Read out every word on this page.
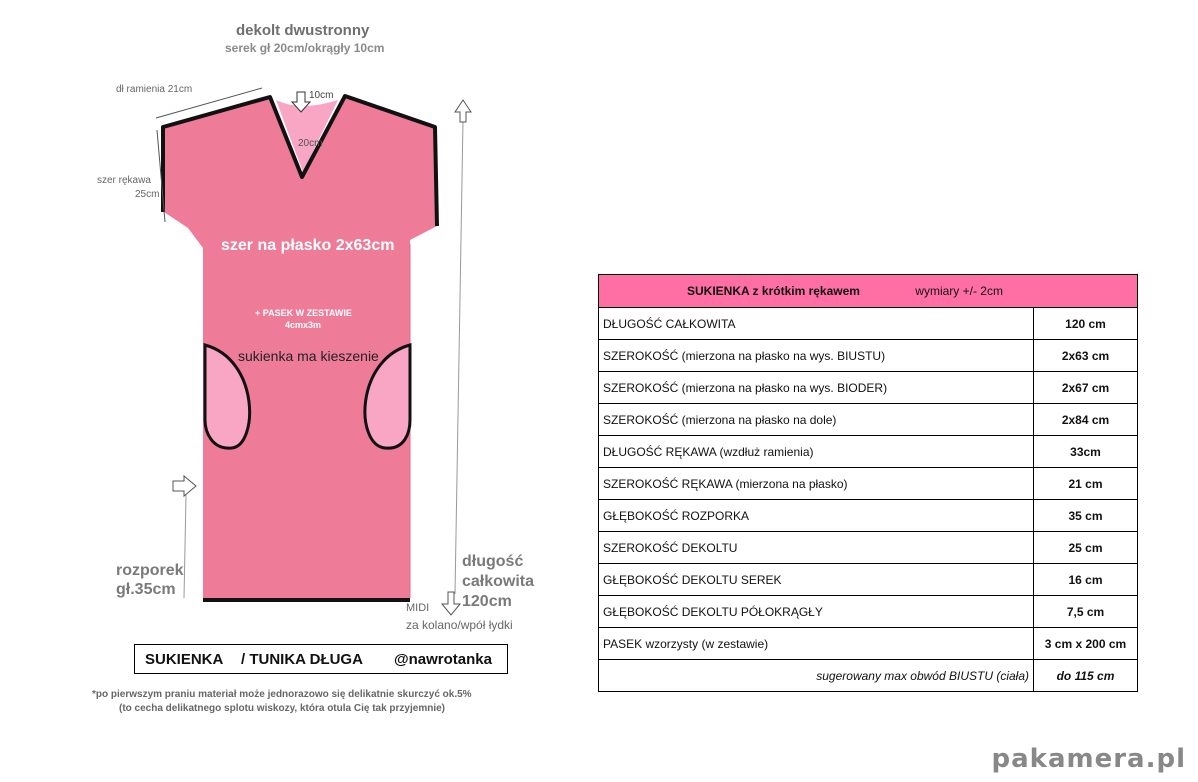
dekolt dwustronny
serek gł 20cm/okrągły 10cm
dł ramienia 21cm
szer rękawa
25cm
10cm
20cm
szer na płasko 2x63cm
+ PASEK W ZESTAWIE
4cmx3m
sukienka ma kieszenie
rozporek
gł.35cm
długość
całkowita
120cm
MIDI
za kolano/wpół łydki
SUKIENKA / TUNIKA DŁUGA @nawrotanka
*po pierwszym praniu materiał może jednorazowo się delikatnie skurczyć ok.5%
(to cecha delikatnego splotu wiskozy, która otula Cię tak przyjemnie)
SUKIENKA z krótkim rękawem wymiary +/- 2cm	
DŁUGOŚĆ CAŁKOWITA	120 cm
SZEROKOŚĆ (mierzona na płasko na wys. BIUSTU)	2x63 cm
SZEROKOŚĆ (mierzona na płasko na wys. BIODER)	2x67 cm
SZEROKOŚĆ (mierzona na płasko na dole)	2x84 cm
DŁUGOŚĆ RĘKAWA (wzdłuż ramienia)	33cm
SZEROKOŚĆ RĘKAWA (mierzona na płasko)	21 cm
GŁĘBOKOŚĆ ROZPORKA	35 cm
SZEROKOŚĆ DEKOLTU	25 cm
GŁĘBOKOŚĆ DEKOLTU SEREK	16 cm
GŁĘBOKOŚĆ DEKOLTU PÓŁOKRĄGŁY	7,5 cm
PASEK wzorzysty (w zestawie)	3 cm x 200 cm
sugerowany max obwód BIUSTU (ciała)	do 115 cm
pakamera.pl
